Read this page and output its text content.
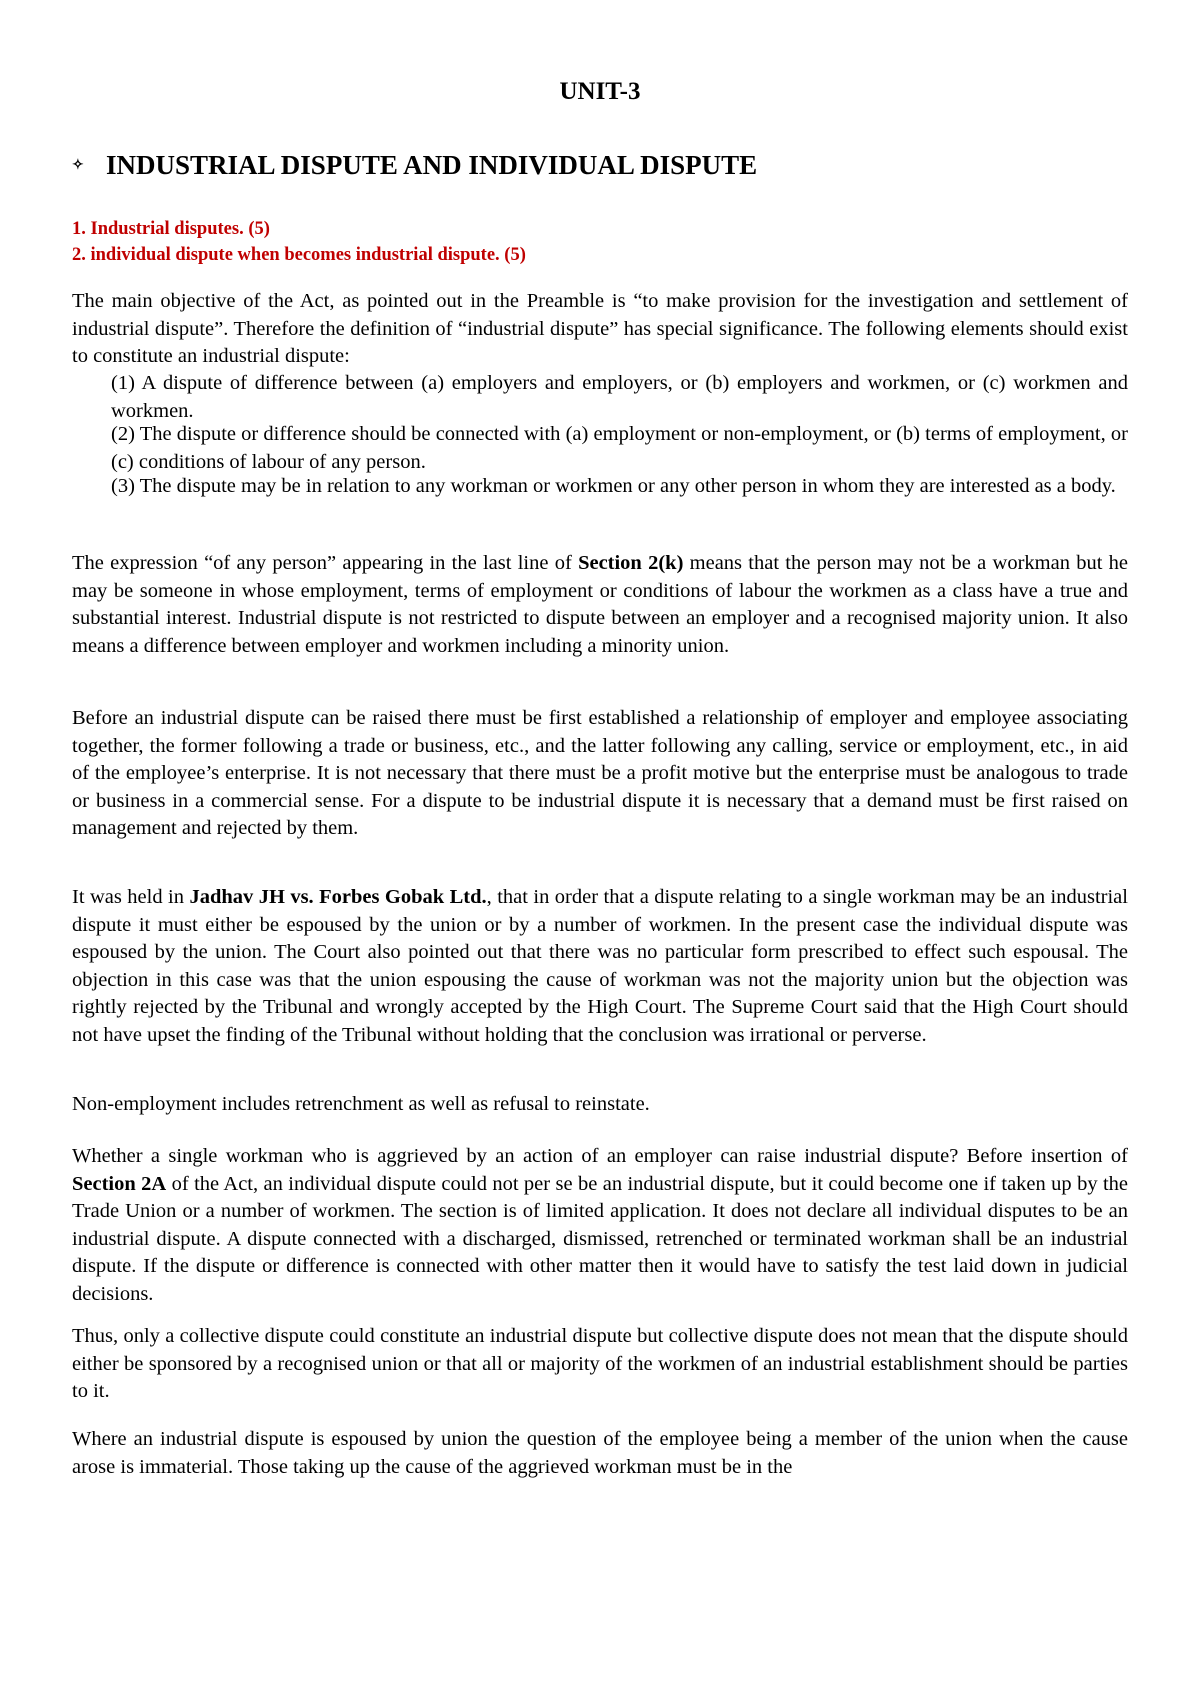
UNIT-3
✧ INDUSTRIAL DISPUTE AND INDIVIDUAL DISPUTE
1. Industrial disputes. (5)
2. individual dispute when becomes industrial dispute. (5)

The main objective of the Act, as pointed out in the Preamble is “to make provision for the investigation and settlement of industrial dispute”. Therefore the definition of “industrial dispute” has special significance. The following elements should exist to constitute an industrial dispute:

(1) A dispute of difference between (a) employers and employers, or (b) employers and workmen, or (c) workmen and workmen.

(2) The dispute or difference should be connected with (a) employment or non-employment, or (b) terms of employment, or (c) conditions of labour of any person.

(3) The dispute may be in relation to any workman or workmen or any other person in whom they are interested as a body.

The expression “of any person” appearing in the last line of Section 2(k) means that the person may not be a workman but he may be someone in whose employment, terms of employment or conditions of labour the workmen as a class have a true and substantial interest. Industrial dispute is not restricted to dispute between an employer and a recognised majority union. It also means a difference between employer and workmen including a minority union.

Before an industrial dispute can be raised there must be first established a relationship of employer and employee associating together, the former following a trade or business, etc., and the latter following any calling, service or employment, etc., in aid of the employee’s enterprise. It is not necessary that there must be a profit motive but the enterprise must be analogous to trade or business in a commercial sense. For a dispute to be industrial dispute it is necessary that a demand must be first raised on management and rejected by them.

It was held in Jadhav JH vs. Forbes Gobak Ltd., that in order that a dispute relating to a single workman may be an industrial dispute it must either be espoused by the union or by a number of workmen. In the present case the individual dispute was espoused by the union. The Court also pointed out that there was no particular form prescribed to effect such espousal. The objection in this case was that the union espousing the cause of workman was not the majority union but the objection was rightly rejected by the Tribunal and wrongly accepted by the High Court. The Supreme Court said that the High Court should not have upset the finding of the Tribunal without holding that the conclusion was irrational or perverse.

Non-employment includes retrenchment as well as refusal to reinstate.

Whether a single workman who is aggrieved by an action of an employer can raise industrial dispute? Before insertion of Section 2A of the Act, an individual dispute could not per se be an industrial dispute, but it could become one if taken up by the Trade Union or a number of workmen. The section is of limited application. It does not declare all individual disputes to be an industrial dispute. A dispute connected with a discharged, dismissed, retrenched or terminated workman shall be an industrial dispute. If the dispute or difference is connected with other matter then it would have to satisfy the test laid down in judicial decisions.

Thus, only a collective dispute could constitute an industrial dispute but collective dispute does not mean that the dispute should either be sponsored by a recognised union or that all or majority of the workmen of an industrial establishment should be parties to it.

Where an industrial dispute is espoused by union the question of the employee being a member of the union when the cause arose is immaterial. Those taking up the cause of the aggrieved workman must be in the
